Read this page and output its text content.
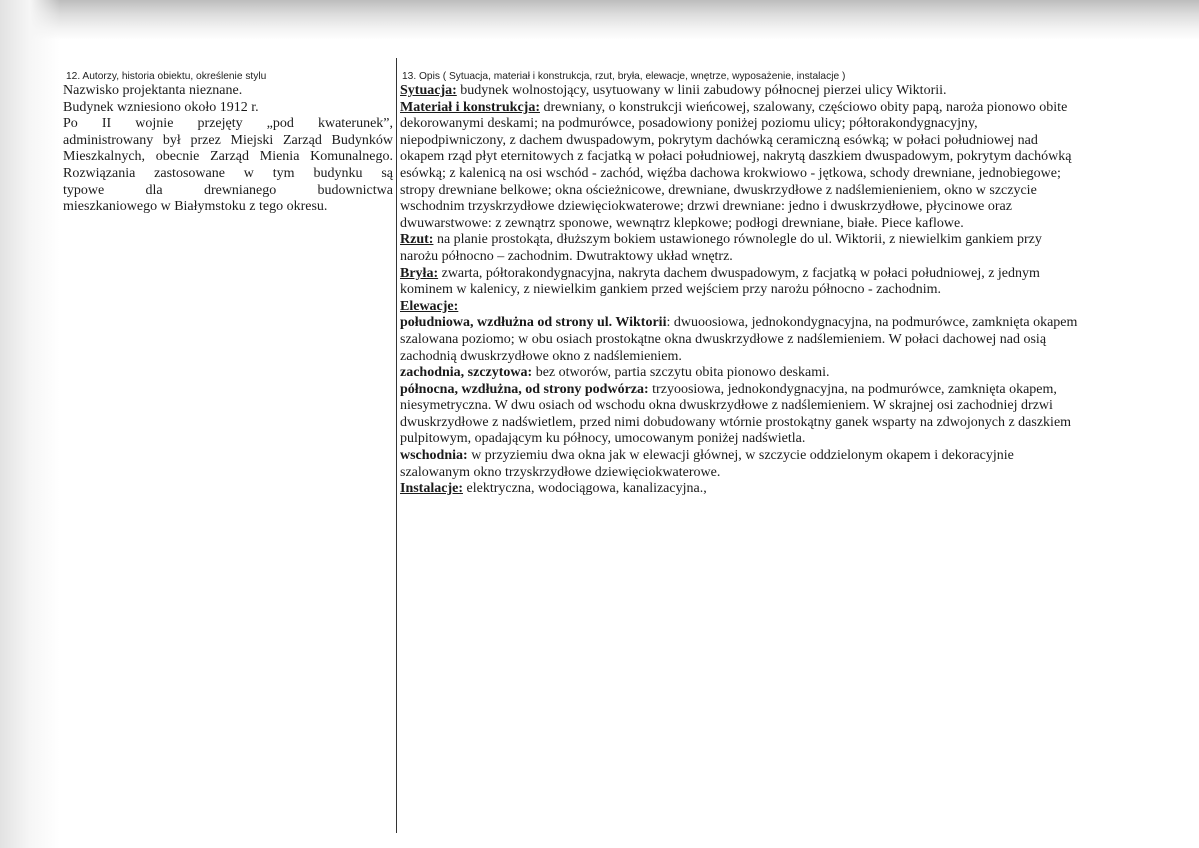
12. Autorzy, historia obiektu, określenie stylu

Nazwisko projektanta nieznane.

Budynek wzniesiono około 1912 r.

Po II wojnie przejęty „pod kwaterunek”,

administrowany był przez Miejski Zarząd Budynków

Mieszkalnych, obecnie Zarząd Mienia Komunalnego.

Rozwiązania zastosowane w tym budynku są

typowe dla drewnianego budownictwa

mieszkaniowego w Białymstoku z tego okresu.

13. Opis ( Sytuacja, materiał i konstrukcja, rzut, bryła, elewacje, wnętrze, wyposażenie, instalacje )

Sytuacja: budynek wolnostojący, usytuowany w linii zabudowy północnej pierzei ulicy Wiktorii.

Materiał i konstrukcja: drewniany, o konstrukcji wieńcowej, szalowany, częściowo obity papą, naroża pionowo obite

dekorowanymi deskami; na podmurówce, posadowiony poniżej poziomu ulicy; półtorakondygnacyjny,

niepodpiwniczony, z dachem dwuspadowym, pokrytym dachówką ceramiczną esówką; w połaci południowej nad

okapem rząd płyt eternitowych z facjatką w połaci południowej, nakrytą daszkiem dwuspadowym, pokrytym dachówką

esówką; z kalenicą na osi wschód - zachód, więźba dachowa krokwiowo - jętkowa, schody drewniane, jednobiegowe;

stropy drewniane belkowe; okna ościeżnicowe, drewniane, dwuskrzydłowe z nadślemienieniem, okno w szczycie

wschodnim trzyskrzydłowe dziewięciokwaterowe; drzwi drewniane: jedno i dwuskrzydłowe, płycinowe oraz

dwuwarstwowe: z zewnątrz sponowe, wewnątrz klepkowe; podłogi drewniane, białe. Piece kaflowe.

Rzut: na planie prostokąta, dłuższym bokiem ustawionego równolegle do ul. Wiktorii, z niewielkim gankiem przy

narożu północno – zachodnim. Dwutraktowy układ wnętrz.

Bryła: zwarta, półtorakondygnacyjna, nakryta dachem dwuspadowym, z facjatką w połaci południowej, z jednym

kominem w kalenicy, z niewielkim gankiem przed wejściem przy narożu północno - zachodnim.

Elewacje:

południowa, wzdłużna od strony ul. Wiktorii: dwuoosiowa, jednokondygnacyjna, na podmurówce, zamknięta okapem

szalowana poziomo; w obu osiach prostokątne okna dwuskrzydłowe z nadślemieniem. W połaci dachowej nad osią

zachodnią dwuskrzydłowe okno z nadślemieniem.

zachodnia, szczytowa: bez otworów, partia szczytu obita pionowo deskami.

północna, wzdłużna, od strony podwórza: trzyoosiowa, jednokondygnacyjna, na podmurówce, zamknięta okapem,

niesymetryczna. W dwu osiach od wschodu okna dwuskrzydłowe z nadślemieniem. W skrajnej osi zachodniej drzwi

dwuskrzydłowe z nadświetlem, przed nimi dobudowany wtórnie prostokątny ganek wsparty na zdwojonych z daszkiem

pulpitowym, opadającym ku północy, umocowanym poniżej nadświetla.

wschodnia: w przyziemiu dwa okna jak w elewacji głównej, w szczycie oddzielonym okapem i dekoracyjnie

szalowanym okno trzyskrzydłowe dziewięciokwaterowe.

Instalacje: elektryczna, wodociągowa, kanalizacyjna.,
